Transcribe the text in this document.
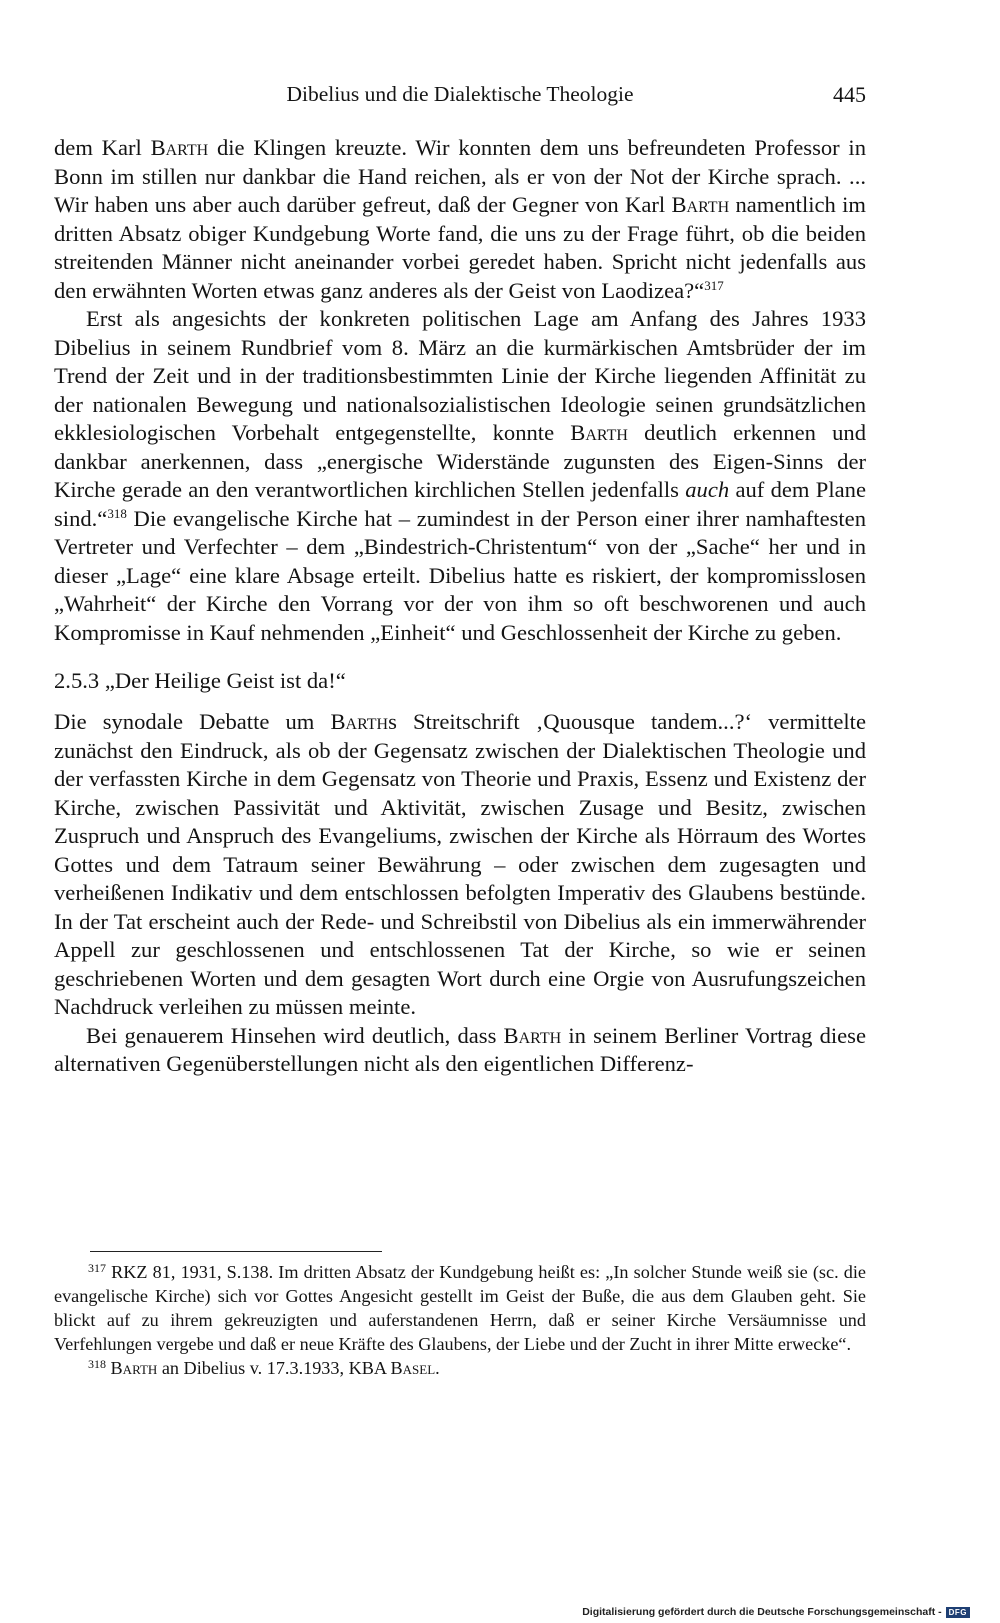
Dibelius und die Dialektische Theologie	445

dem Karl Barth die Klingen kreuzte. Wir konnten dem uns befreundeten Professor in Bonn im stillen nur dankbar die Hand reichen, als er von der Not der Kirche sprach. ... Wir haben uns aber auch darüber gefreut, daß der Gegner von Karl Barth namentlich im dritten Absatz obiger Kundgebung Worte fand, die uns zu der Frage führt, ob die beiden streitenden Männer nicht aneinander vorbei geredet haben. Spricht nicht jedenfalls aus den erwähnten Worten etwas ganz anderes als der Geist von Laodizea?“$^{317}$

Erst als angesichts der konkreten politischen Lage am Anfang des Jahres 1933 Dibelius in seinem Rundbrief vom 8. März an die kurmärkischen Amtsbrüder der im Trend der Zeit und in der traditionsbestimmten Linie der Kirche liegenden Affinität zu der nationalen Bewegung und nationalsozialistischen Ideologie seinen grundsätzlichen ekklesiologischen Vorbehalt entgegenstellte, konnte Barth deutlich erkennen und dankbar anerkennen, dass „energische Widerstände zugunsten des Eigen-Sinns der Kirche gerade an den verantwortlichen kirchlichen Stellen jedenfalls auch auf dem Plane sind.“$^{318}$ Die evangelische Kirche hat – zumindest in der Person einer ihrer namhaftesten Vertreter und Verfechter – dem „Bindestrich-Christentum“ von der „Sache“ her und in dieser „Lage“ eine klare Absage erteilt. Dibelius hatte es riskiert, der kompromisslosen „Wahrheit“ der Kirche den Vorrang vor der von ihm so oft beschworenen und auch Kompromisse in Kauf nehmenden „Einheit“ und Geschlossenheit der Kirche zu geben.

2.5.3 „Der Heilige Geist ist da!“

Die synodale Debatte um Barths Streitschrift ‚Quousque tandem...?‘ vermittelte zunächst den Eindruck, als ob der Gegensatz zwischen der Dialektischen Theologie und der verfassten Kirche in dem Gegensatz von Theorie und Praxis, Essenz und Existenz der Kirche, zwischen Passivität und Aktivität, zwischen Zusage und Besitz, zwischen Zuspruch und Anspruch des Evangeliums, zwischen der Kirche als Hörraum des Wortes Gottes und dem Tatraum seiner Bewährung – oder zwischen dem zugesagten und verheißenen Indikativ und dem entschlossen befolgten Imperativ des Glaubens bestünde. In der Tat erscheint auch der Rede- und Schreibstil von Dibelius als ein immerwährender Appell zur geschlossenen und entschlossenen Tat der Kirche, so wie er seinen geschriebenen Worten und dem gesagten Wort durch eine Orgie von Ausrufungszeichen Nachdruck verleihen zu müssen meinte.

Bei genauerem Hinsehen wird deutlich, dass Barth in seinem Berliner Vortrag diese alternativen Gegenüberstellungen nicht als den eigentlichen Differenz-

$^{317}$ RKZ 81, 1931, S.138. Im dritten Absatz der Kundgebung heißt es: „In solcher Stunde weiß sie (sc. die evangelische Kirche) sich vor Gottes Angesicht gestellt im Geist der Buße, die aus dem Glauben geht. Sie blickt auf zu ihrem gekreuzigten und auferstandenen Herrn, daß er seiner Kirche Versäumnisse und Verfehlungen vergebe und daß er neue Kräfte des Glaubens, der Liebe und der Zucht in ihrer Mitte erwecke“.

$^{318}$ Barth an Dibelius v. 17.3.1933, KBA Basel.

Digitalisierung gefördert durch die Deutsche Forschungsgemeinschaft - DFG
